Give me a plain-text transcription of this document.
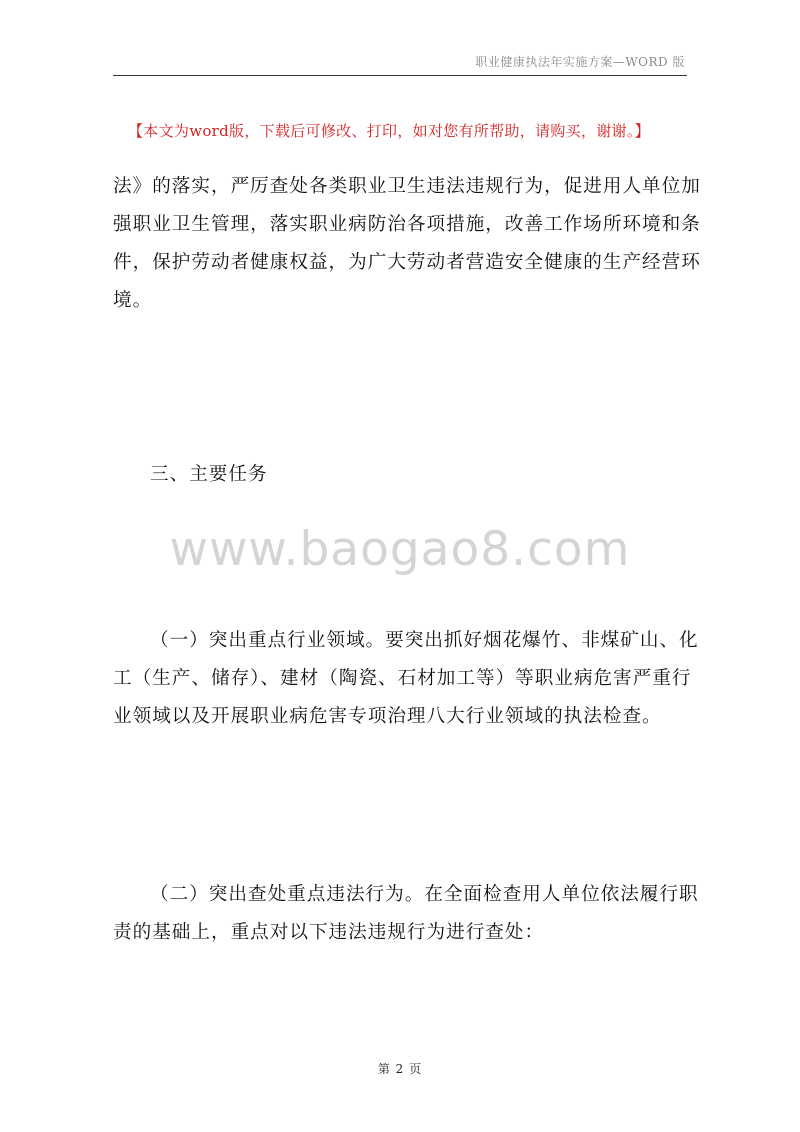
职业健康执法年实施方案—WORD 版
【本文为word版，下载后可修改、打印，如对您有所帮助，请购买，谢谢。】
法》的落实，严厉查处各类职业卫生违法违规行为，促进用人单位加
强职业卫生管理，落实职业病防治各项措施，改善工作场所环境和条
件，保护劳动者健康权益，为广大劳动者营造安全健康的生产经营环
境。
三、主要任务
www.baogao8.com
（一）突出重点行业领域。要突出抓好烟花爆竹、非煤矿山、化
工（生产、储存）、建材（陶瓷、石材加工等）等职业病危害严重行
业领域以及开展职业病危害专项治理八大行业领域的执法检查。
（二）突出查处重点违法行为。在全面检查用人单位依法履行职
责的基础上，重点对以下违法违规行为进行查处：
第 2 页
